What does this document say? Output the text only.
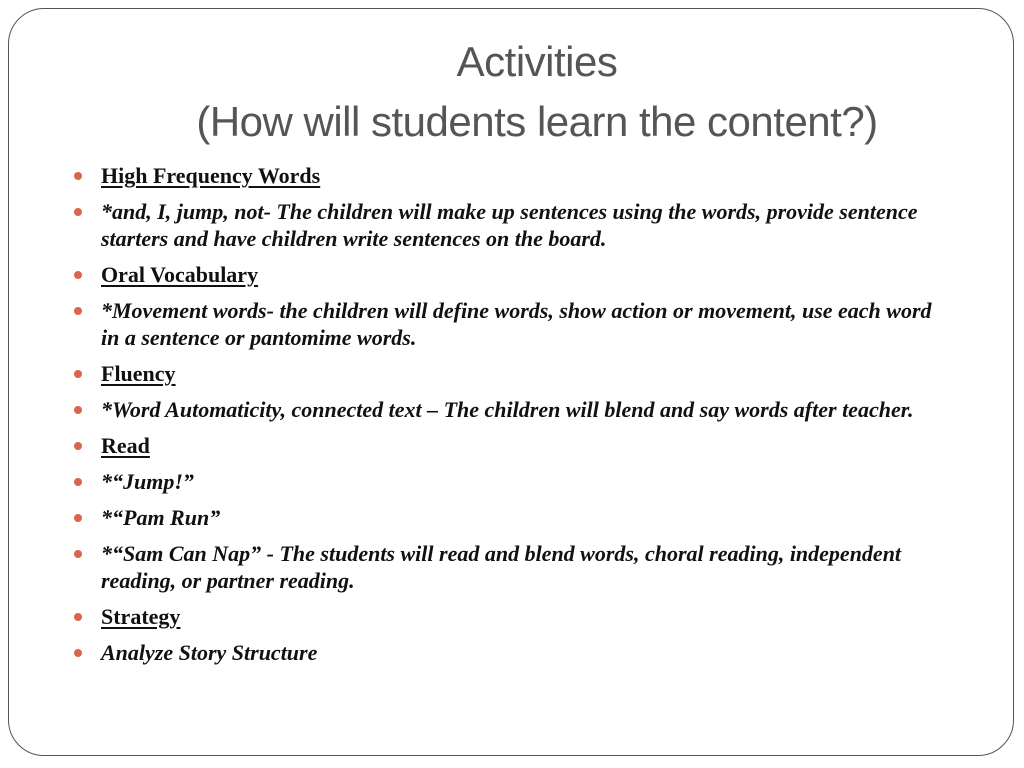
Activities
(How will students learn the content?)
High Frequency Words
*and, I, jump, not- The children will make up sentences using the words, provide sentence starters and have children write sentences on the board.
Oral Vocabulary
*Movement words- the children will define words, show action or movement, use each word in a sentence or pantomime words.
Fluency
*Word Automaticity, connected text – The children will blend and say words after teacher.
Read
*“Jump!”
*“Pam Run”
*“Sam Can Nap” - The students will read and blend words, choral reading, independent reading, or partner reading.
Strategy
Analyze Story Structure
